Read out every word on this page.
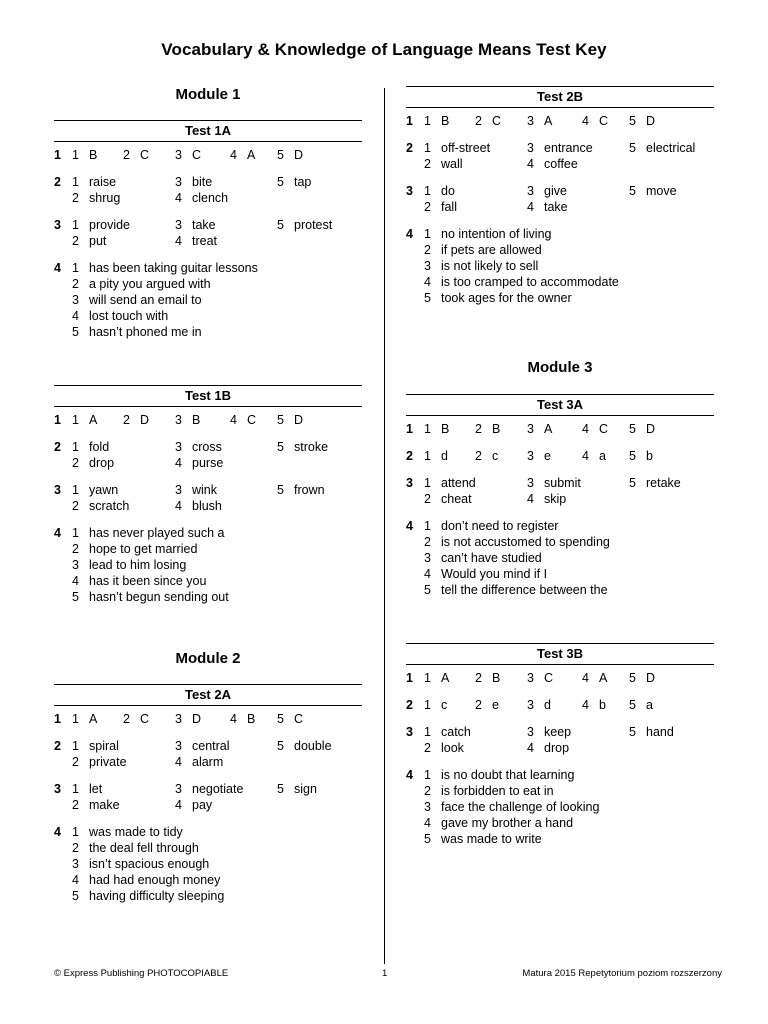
Vocabulary & Knowledge of Language Means Test Key
Module 1
Test 1A
1 1 B 2 C 3 C 4 A 5 D
2 1 raise	3 bite	5 tap
2 shrug	4 clench
3 1 provide	3 take	5 protest
2 put	4 treat
4 1 has been taking guitar lessons
2 a pity you argued with
3 will send an email to
4 lost touch with
5 hasn’t phoned me in
Test 1B
1 1 A 2 D 3 B 4 C 5 D
2 1 fold	3 cross	5 stroke
2 drop	4 purse
3 1 yawn	3 wink	5 frown
2 scratch	4 blush
4 1 has never played such a
2 hope to get married
3 lead to him losing
4 has it been since you
5 hasn’t begun sending out
Module 2
Test 2A
1 1 A 2 C 3 D 4 B 5 C
2 1 spiral	3 central	5 double
2 private	4 alarm
3 1 let	3 negotiate	5 sign
2 make	4 pay
4 1 was made to tidy
2 the deal fell through
3 isn’t spacious enough
4 had had enough money
5 having difficulty sleeping
Test 2B
1 1 B 2 C 3 A 4 C 5 D
2 1 off-street	3 entrance	5 electrical
2 wall	4 coffee
3 1 do	3 give	5 move
2 fall	4 take
4 1 no intention of living
2 if pets are allowed
3 is not likely to sell
4 is too cramped to accommodate
5 took ages for the owner
Module 3
Test 3A
1 1 B 2 B 3 A 4 C 5 D
2 1 d 2 c 3 e 4 a 5 b
3 1 attend	3 submit	5 retake
2 cheat	4 skip
4 1 don’t need to register
2 is not accustomed to spending
3 can’t have studied
4 Would you mind if I
5 tell the difference between the
Test 3B
1 1 A 2 B 3 C 4 A 5 D
2 1 c 2 e 3 d 4 b 5 a
3 1 catch	3 keep	5 hand
2 look	4 drop
4 1 is no doubt that learning
2 is forbidden to eat in
3 face the challenge of looking
4 gave my brother a hand
5 was made to write
© Express Publishing PHOTOCOPIABLE	1	Matura 2015 Repetytorium poziom rozszerzony
